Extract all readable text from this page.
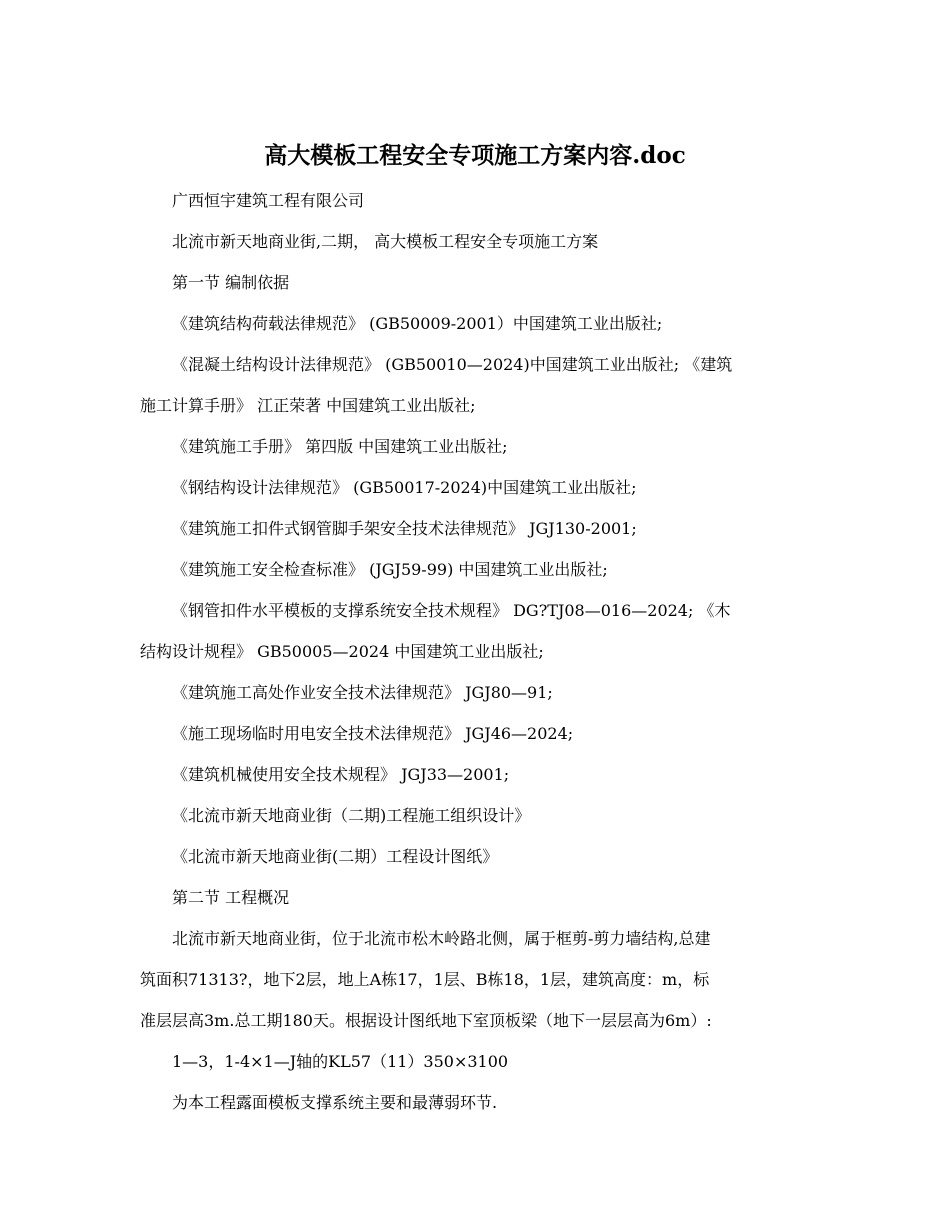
高大模板工程安全专项施工方案内容.doc
广西恒宇建筑工程有限公司
北流市新天地商业街,二期， 高大模板工程安全专项施工方案
第一节 编制依据
《建筑结构荷载法律规范》 (GB50009-2001）中国建筑工业出版社;
《混凝土结构设计法律规范》 (GB50010—2024)中国建筑工业出版社; 《建筑
施工计算手册》 江正荣著 中国建筑工业出版社;
《建筑施工手册》 第四版 中国建筑工业出版社;
《钢结构设计法律规范》 (GB50017-2024)中国建筑工业出版社;
《建筑施工扣件式钢管脚手架安全技术法律规范》 JGJ130-2001;
《建筑施工安全检查标准》 (JGJ59-99) 中国建筑工业出版社;
《钢管扣件水平模板的支撑系统安全技术规程》 DG?TJ08—016—2024; 《木
结构设计规程》 GB50005—2024 中国建筑工业出版社;
《建筑施工高处作业安全技术法律规范》 JGJ80—91;
《施工现场临时用电安全技术法律规范》 JGJ46—2024;
《建筑机械使用安全技术规程》 JGJ33—2001;
《北流市新天地商业街（二期)工程施工组织设计》
《北流市新天地商业街(二期）工程设计图纸》
第二节 工程概况
北流市新天地商业街，位于北流市松木岭路北侧，属于框剪-剪力墙结构,总建
筑面积71313?，地下2层，地上A栋17，1层、B栋18，1层，建筑高度：m，标
准层层高3m.总工期180天。根据设计图纸地下室顶板梁（地下一层层高为6m）:
1—3，1-4×1—J轴的KL57（11）350×3100
为本工程露面模板支撑系统主要和最薄弱环节.
